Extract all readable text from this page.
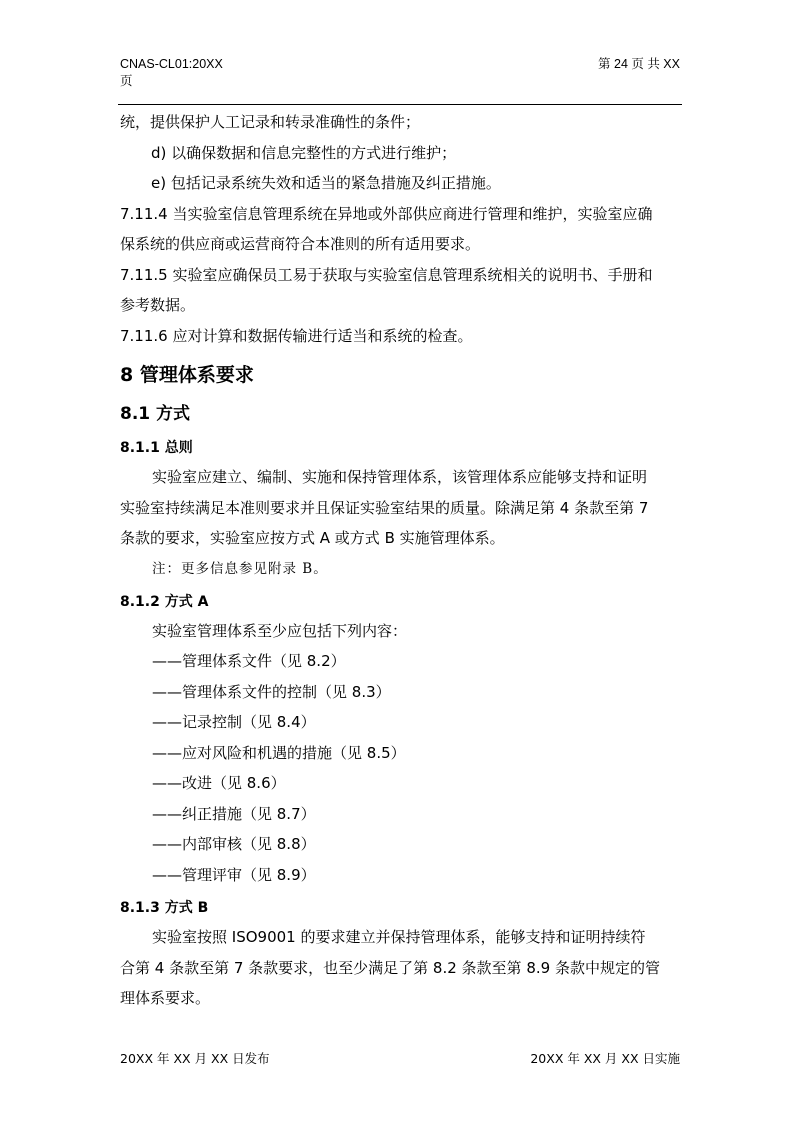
CNAS-CL01:20XX
页
第 24 页 共 XX

统，提供保护人工记录和转录准确性的条件；

d) 以确保数据和信息完整性的方式进行维护；

e) 包括记录系统失效和适当的紧急措施及纠正措施。

7.11.4 当实验室信息管理系统在异地或外部供应商进行管理和维护，实验室应确

保系统的供应商或运营商符合本准则的所有适用要求。

7.11.5 实验室应确保员工易于获取与实验室信息管理系统相关的说明书、手册和

参考数据。

7.11.6 应对计算和数据传输进行适当和系统的检查。

8 管理体系要求
8.1 方式
8.1.1 总则

实验室应建立、编制、实施和保持管理体系，该管理体系应能够支持和证明

实验室持续满足本准则要求并且保证实验室结果的质量。除满足第 4 条款至第 7

条款的要求，实验室应按方式 A 或方式 B 实施管理体系。

注：更多信息参见附录 B。

8.1.2 方式 A

实验室管理体系至少应包括下列内容：

——管理体系文件（见 8.2）

——管理体系文件的控制（见 8.3）

——记录控制（见 8.4）

——应对风险和机遇的措施（见 8.5）

——改进（见 8.6）

——纠正措施（见 8.7）

——内部审核（见 8.8）

——管理评审（见 8.9）

8.1.3 方式 B

实验室按照 ISO9001 的要求建立并保持管理体系，能够支持和证明持续符

合第 4 条款至第 7 条款要求，也至少满足了第 8.2 条款至第 8.9 条款中规定的管

理体系要求。

20XX 年 XX 月 XX 日发布	20XX 年 XX 月 XX 日实施
